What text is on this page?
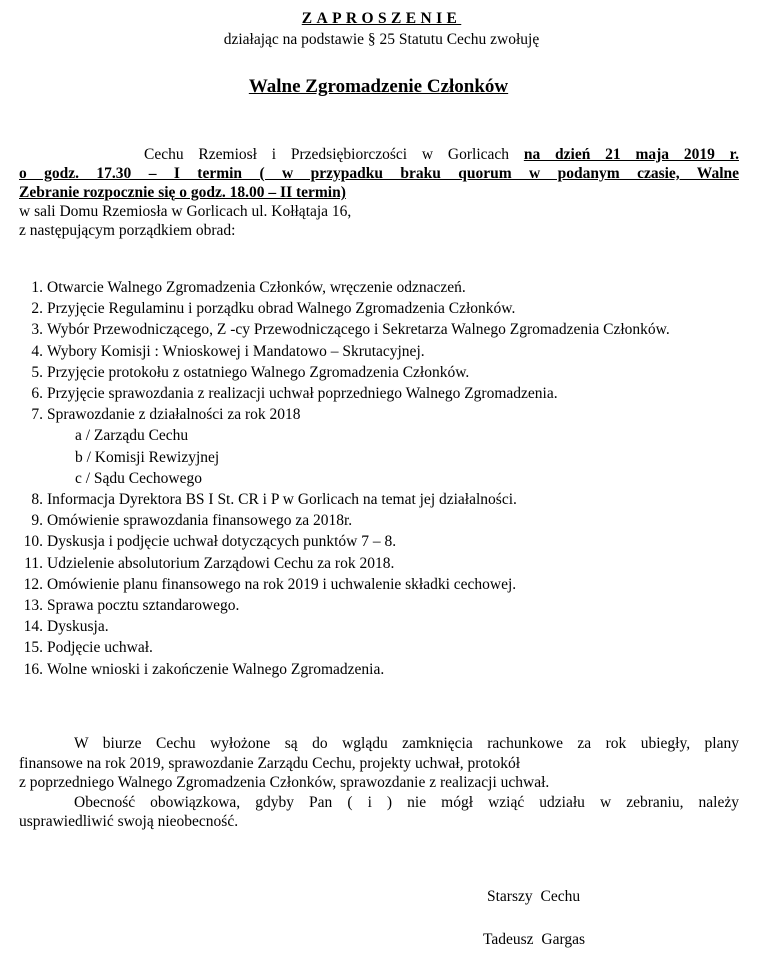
ZAPROSZENIE
działając na podstawie § 25 Statutu Cechu zwołuję
Walne Zgromadzenie Członków

Cechu Rzemiosł i Przedsiębiorczości w Gorlicach na dzień 21 maja 2019 r.

o godz. 17.30 – I termin ( w przypadku braku quorum w podanym czasie, Walne

Zebranie rozpocznie się o godz. 18.00 – II termin)

w sali Domu Rzemiosła w Gorlicach ul. Kołłątaja 16,

z następującym porządkiem obrad:

1. Otwarcie Walnego Zgromadzenia Członków, wręczenie odznaczeń.
2. Przyjęcie Regulaminu i porządku obrad Walnego Zgromadzenia Członków.
3. Wybór Przewodniczącego, Z -cy Przewodniczącego i Sekretarza Walnego Zgromadzenia Członków.
4. Wybory Komisji : Wnioskowej i Mandatowo – Skrutacyjnej.
5. Przyjęcie protokołu z ostatniego Walnego Zgromadzenia Członków.
6. Przyjęcie sprawozdania z realizacji uchwał poprzedniego Walnego Zgromadzenia.
7. Sprawozdanie z działalności za rok 2018
a / Zarządu Cechu
b / Komisji Rewizyjnej
c / Sądu Cechowego
8. Informacja Dyrektora BS I St. CR i P w Gorlicach na temat jej działalności.
9. Omówienie sprawozdania finansowego za 2018r.
10. Dyskusja i podjęcie uchwał dotyczących punktów 7 – 8.
11. Udzielenie absolutorium Zarządowi Cechu za rok 2018.
12. Omówienie planu finansowego na rok 2019 i uchwalenie składki cechowej.
13. Sprawa pocztu sztandarowego.
14. Dyskusja.
15. Podjęcie uchwał.
16. Wolne wnioski i zakończenie Walnego Zgromadzenia.

W biurze Cechu wyłożone są do wglądu zamknięcia rachunkowe za rok ubiegły, plany

finansowe na rok 2019, sprawozdanie Zarządu Cechu, projekty uchwał, protokół

z poprzedniego Walnego Zgromadzenia Członków, sprawozdanie z realizacji uchwał.

Obecność obowiązkowa, gdyby Pan ( i ) nie mógł wziąć udziału w zebraniu, należy

usprawiedliwić swoją nieobecność.

Starszy Cechu
Tadeusz Gargas
